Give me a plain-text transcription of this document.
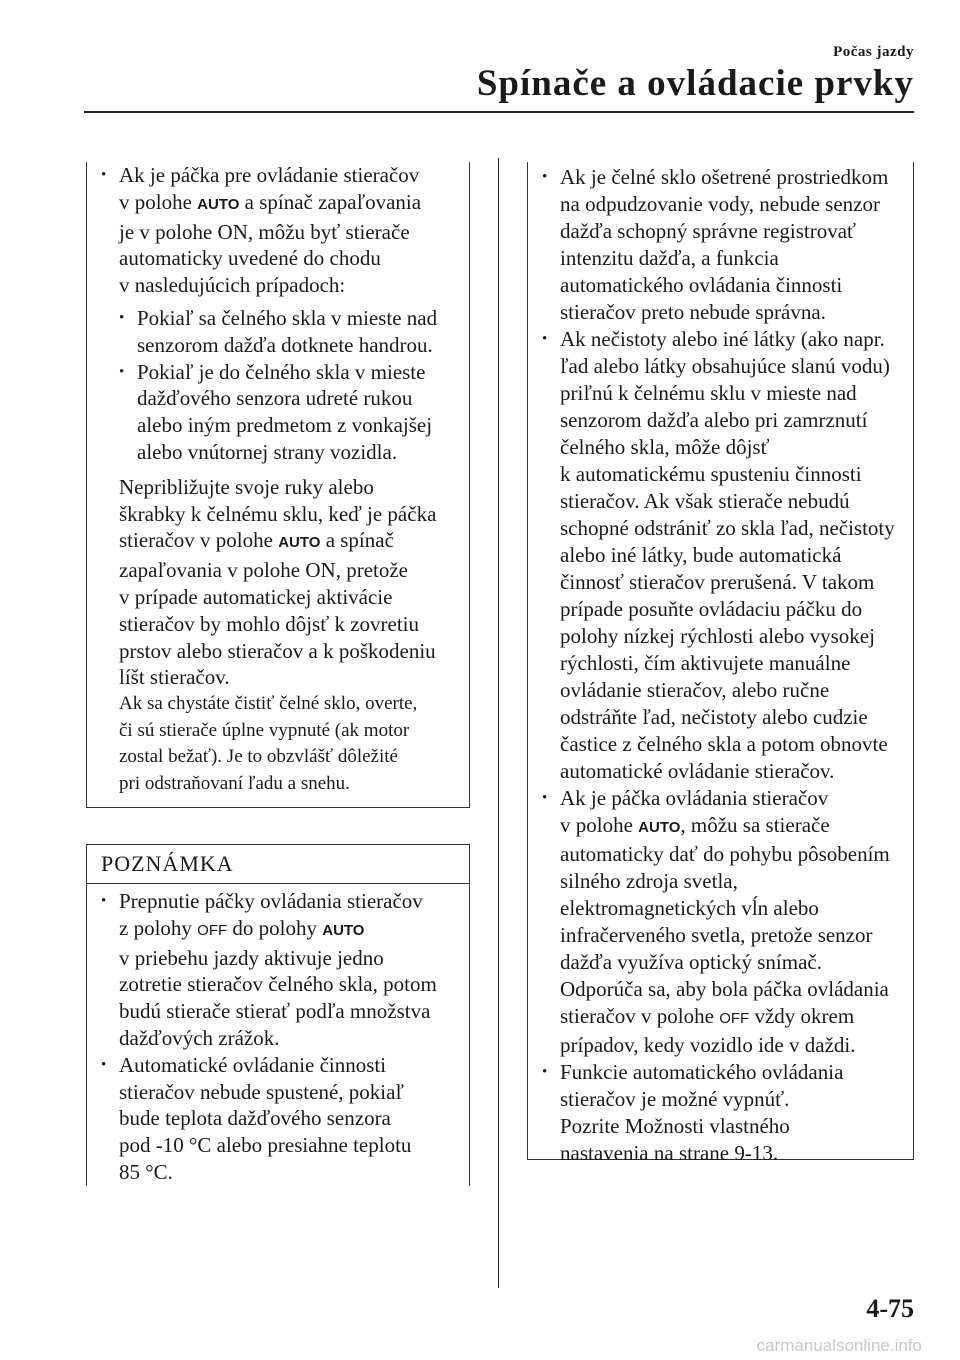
Počas jazdy
Spínače a ovládacie prvky
• Ak je páčka pre ovládanie stieračov

v polohe AUTO a spínač zapaľovania

je v polohe ON, môžu byť stierače

automaticky uvedené do chodu

v nasledujúcich prípadoch:

• Pokiaľ sa čelného skla v mieste nad

senzorom dažďa dotknete handrou.

• Pokiaľ je do čelného skla v mieste

dažďového senzora udreté rukou

alebo iným predmetom z vonkajšej

alebo vnútornej strany vozidla.

Nepribližujte svoje ruky alebo

škrabky k čelnému sklu, keď je páčka

stieračov v polohe AUTO a spínač

zapaľovania v polohe ON, pretože

v prípade automatickej aktivácie

stieračov by mohlo dôjsť k zovretiu

prstov alebo stieračov a k poškodeniu

líšt stieračov.

Ak sa chystáte čistiť čelné sklo, overte,

či sú stierače úplne vypnuté (ak motor

zostal bežať). Je to obzvlášť dôležité

pri odstraňovaní ľadu a snehu.

POZNÁMKA
• Prepnutie páčky ovládania stieračov

z polohy OFF do polohy AUTO

v priebehu jazdy aktivuje jedno

zotretie stieračov čelného skla, potom

budú stierače stierať podľa množstva

dažďových zrážok.

• Automatické ovládanie činnosti

stieračov nebude spustené, pokiaľ

bude teplota dažďového senzora

pod -10 °C alebo presiahne teplotu

85 °C.

• Ak je čelné sklo ošetrené prostriedkom

na odpudzovanie vody, nebude senzor

dažďa schopný správne registrovať

intenzitu dažďa, a funkcia

automatického ovládania činnosti

stieračov preto nebude správna.

• Ak nečistoty alebo iné látky (ako napr.

ľad alebo látky obsahujúce slanú vodu)

priľnú k čelnému sklu v mieste nad

senzorom dažďa alebo pri zamrznutí

čelného skla, môže dôjsť

k automatickému spusteniu činnosti

stieračov. Ak však stierače nebudú

schopné odstrániť zo skla ľad, nečistoty

alebo iné látky, bude automatická

činnosť stieračov prerušená. V takom

prípade posuňte ovládaciu páčku do

polohy nízkej rýchlosti alebo vysokej

rýchlosti, čím aktivujete manuálne

ovládanie stieračov, alebo ručne

odstráňte ľad, nečistoty alebo cudzie

častice z čelného skla a potom obnovte

automatické ovládanie stieračov.

• Ak je páčka ovládania stieračov

v polohe AUTO, môžu sa stierače

automaticky dať do pohybu pôsobením

silného zdroja svetla,

elektromagnetických vĺn alebo

infračerveného svetla, pretože senzor

dažďa využíva optický snímač.

Odporúča sa, aby bola páčka ovládania

stieračov v polohe OFF vždy okrem

prípadov, kedy vozidlo ide v daždi.

• Funkcie automatického ovládania

stieračov je možné vypnúť.

Pozrite Možnosti vlastného

nastavenia na strane 9-13.

4-75
carmanualsonline.info
